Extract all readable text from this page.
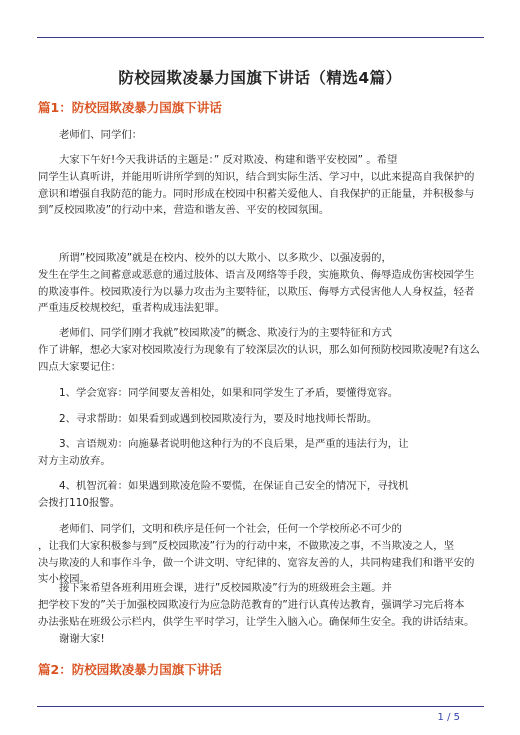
防校园欺凌暴力国旗下讲话（精选4篇）
篇1：防校园欺凌暴力国旗下讲话
老师们、同学们：
大家下午好!今天我讲话的主题是：” 反对欺凌、构建和谐平安校园” 。希望
同学生认真听讲，并能用听讲所学到的知识，结合到实际生活、学习中，以此来提高自我保护的
意识和增强自我防范的能力。同时形成在校园中积蓄关爱他人、自我保护的正能量，并积极参与
到”反校园欺凌”的行动中来，营造和谐友善、平安的校园氛围。
所谓”校园欺凌”就是在校内、校外的以大欺小、以多欺少、以强凌弱的，
发生在学生之间蓄意或恶意的通过肢体、语言及网络等手段，实施欺负、侮辱造成伤害校园学生
的欺凌事件。校园欺凌行为以暴力攻击为主要特征，以欺压、侮辱方式侵害他人人身权益，轻者
严重违反校规校纪，重者构成违法犯罪。
老师们、同学们刚才我就”校园欺凌”的概念、欺凌行为的主要特征和方式
作了讲解，想必大家对校园欺凌行为现象有了较深层次的认识，那么如何预防校园欺凌呢?有这么
四点大家要记住：
1、学会宽容：同学间要友善相处，如果和同学发生了矛盾，要懂得宽容。
2、寻求帮助：如果看到或遇到校园欺凌行为，要及时地找师长帮助。
3、言语规劝：向施暴者说明他这种行为的不良后果，是严重的违法行为，让
对方主动放弃。
4、机智沉着：如果遇到欺凌危险不要慌，在保证自己安全的情况下，寻找机
会拨打110报警。
老师们、同学们，文明和秩序是任何一个社会，任何一个学校所必不可少的
，让我们大家积极参与到”反校园欺凌”行为的行动中来，不做欺凌之事，不当欺凌之人，坚
决与欺凌的人和事作斗争，做一个讲文明、守纪律的、宽容友善的人，共同构建我们和谐平安的
实小校园。
接下来希望各班利用班会课，进行”反校园欺凌”行为的班级班会主题。并
把学校下发的”关于加强校园欺凌行为应急防范教育的”进行认真传达教育，强调学习完后将本
办法张贴在班级公示栏内，供学生平时学习，让学生入脑入心。确保师生安全。我的讲话结束。
谢谢大家!
篇2：防校园欺凌暴力国旗下讲话
1 / 5
